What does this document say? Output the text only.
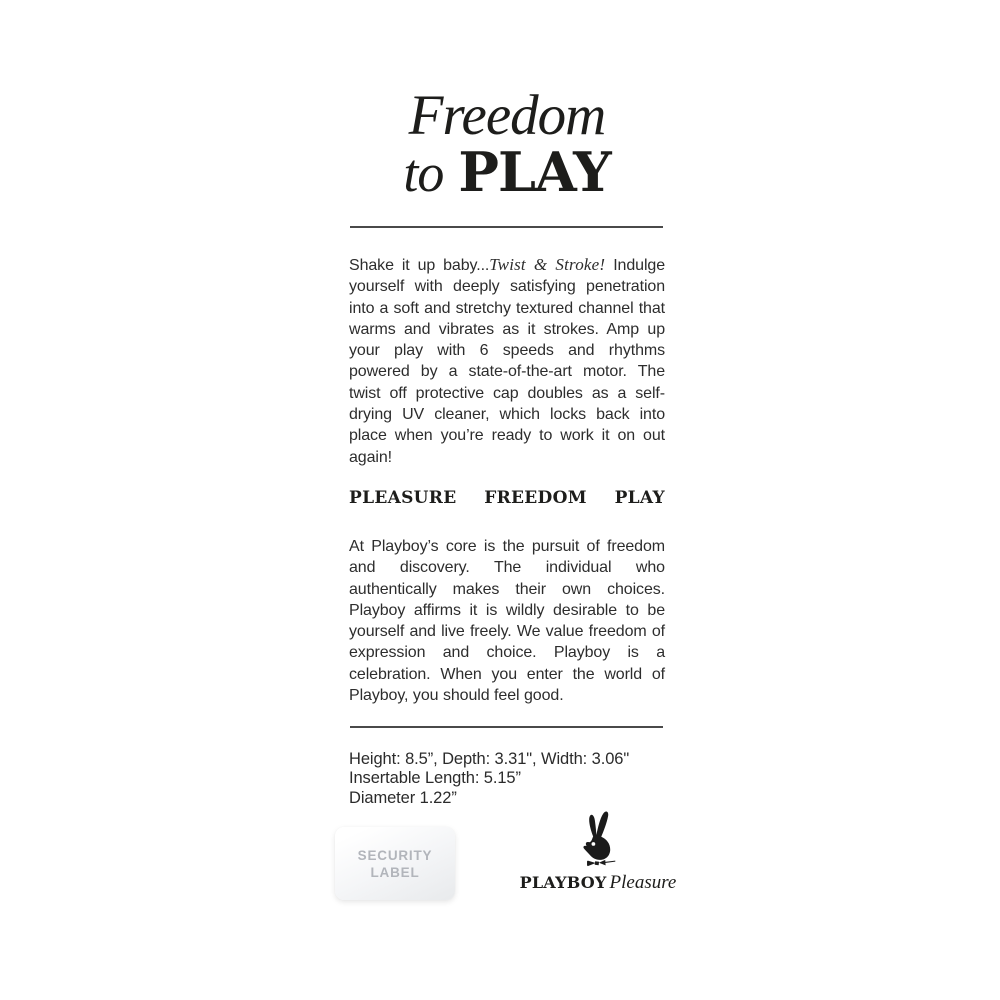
Freedom
to PLAY

Shake it up baby...Twist & Stroke! Indulge yourself with deeply satisfying penetration into a soft and stretchy textured channel that warms and vibrates as it strokes. Amp up your play with 6 speeds and rhythms powered by a state-of-the-art motor. The twist off protective cap doubles as a self-drying UV cleaner, which locks back into place when you’re ready to work it on out again!

PLEASURE FREEDOM PLAY

At Playboy’s core is the pursuit of freedom and discovery. The individual who authentically makes their own choices. Playboy affirms it is wildly desirable to be yourself and live freely. We value freedom of expression and choice. Playboy is a celebration. When you enter the world of Playboy, you should feel good.

Height: 8.5”, Depth: 3.31", Width: 3.06"
Insertable Length: 5.15”
Diameter 1.22”
SECURITY
LABEL
PLAYBOY Pleasure
